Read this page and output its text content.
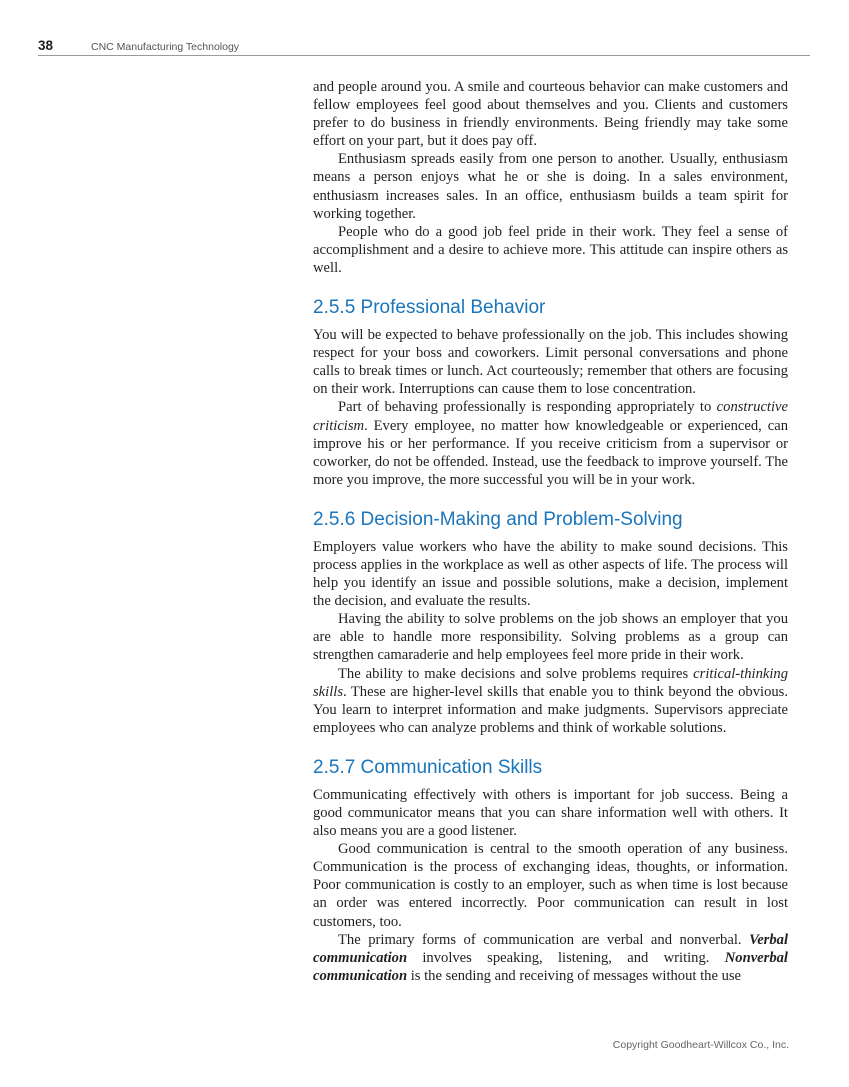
38	CNC Manufacturing Technology

and people around you. A smile and courteous behavior can make customers and fellow employees feel good about themselves and you. Clients and customers prefer to do business in friendly environments. Being friendly may take some effort on your part, but it does pay off.

Enthusiasm spreads easily from one person to another. Usually, enthusiasm means a person enjoys what he or she is doing. In a sales environment, enthusiasm increases sales. In an office, enthusiasm builds a team spirit for working together.

People who do a good job feel pride in their work. They feel a sense of accomplishment and a desire to achieve more. This attitude can inspire others as well.

2.5.5 Professional Behavior

You will be expected to behave professionally on the job. This includes showing respect for your boss and coworkers. Limit personal conversations and phone calls to break times or lunch. Act courteously; remember that others are focusing on their work. Interruptions can cause them to lose concentration.

Part of behaving professionally is responding appropriately to constructive criticism. Every employee, no matter how knowledgeable or experienced, can improve his or her performance. If you receive criticism from a supervisor or coworker, do not be offended. Instead, use the feedback to improve yourself. The more you improve, the more successful you will be in your work.

2.5.6 Decision-Making and Problem-Solving

Employers value workers who have the ability to make sound decisions. This process applies in the workplace as well as other aspects of life. The process will help you identify an issue and possible solutions, make a decision, implement the decision, and evaluate the results.

Having the ability to solve problems on the job shows an employer that you are able to handle more responsibility. Solving problems as a group can strengthen camaraderie and help employees feel more pride in their work.

The ability to make decisions and solve problems requires critical-thinking skills. These are higher-level skills that enable you to think beyond the obvious. You learn to interpret information and make judgments. Supervisors appreciate employees who can analyze problems and think of workable solutions.

2.5.7 Communication Skills

Communicating effectively with others is important for job success. Being a good communicator means that you can share information well with others. It also means you are a good listener.

Good communication is central to the smooth operation of any business. Communication is the process of exchanging ideas, thoughts, or information. Poor communication is costly to an employer, such as when time is lost because an order was entered incorrectly. Poor communication can result in lost customers, too.

The primary forms of communication are verbal and nonverbal. Verbal communication involves speaking, listening, and writing. Nonverbal communication is the sending and receiving of messages without the use

Copyright Goodheart-Willcox Co., Inc.
